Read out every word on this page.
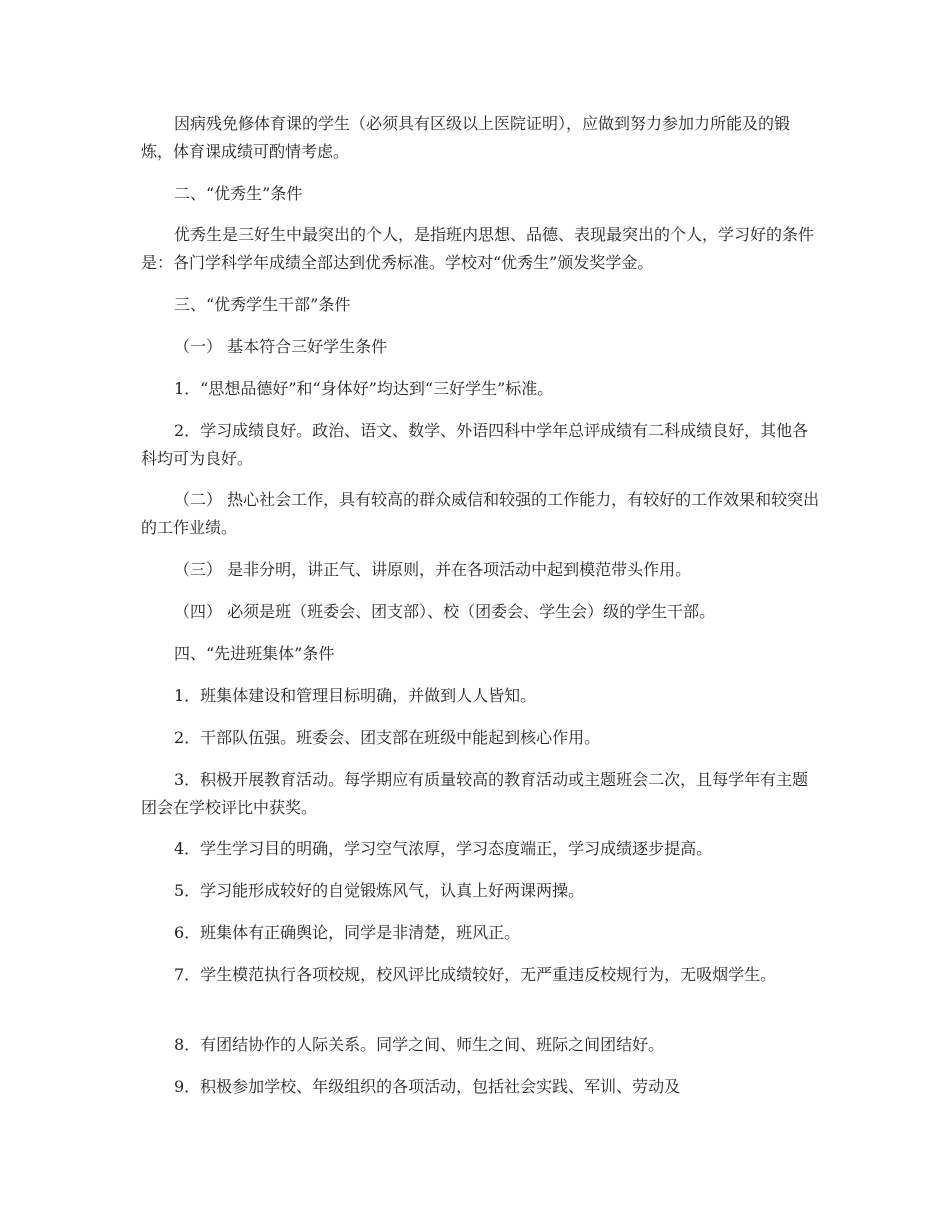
因病残免修体育课的学生（必须具有区级以上医院证明），应做到努力参加力所能及的锻炼，体育课成绩可酌情考虑。

二、“优秀生”条件

优秀生是三好生中最突出的个人，是指班内思想、品德、表现最突出的个人，学习好的条件是：各门学科学年成绩全部达到优秀标准。学校对“优秀生”颁发奖学金。

三、“优秀学生干部”条件

（一） 基本符合三好学生条件

1．“思想品德好”和“身体好”均达到“三好学生”标准。

2．学习成绩良好。政治、语文、数学、外语四科中学年总评成绩有二科成绩良好，其他各科均可为良好。

（二） 热心社会工作，具有较高的群众威信和较强的工作能力，有较好的工作效果和较突出的工作业绩。

（三） 是非分明，讲正气、讲原则，并在各项活动中起到模范带头作用。

（四） 必须是班（班委会、团支部）、校（团委会、学生会）级的学生干部。

四、“先进班集体”条件

1．班集体建设和管理目标明确，并做到人人皆知。

2．干部队伍强。班委会、团支部在班级中能起到核心作用。

3．积极开展教育活动。每学期应有质量较高的教育活动或主题班会二次，且每学年有主题团会在学校评比中获奖。

4．学生学习目的明确，学习空气浓厚，学习态度端正，学习成绩逐步提高。

5．学习能形成较好的自觉锻炼风气，认真上好两课两操。

6．班集体有正确舆论，同学是非清楚，班风正。

7．学生模范执行各项校规，校风评比成绩较好，无严重违反校规行为，无吸烟学生。

8．有团结协作的人际关系。同学之间、师生之间、班际之间团结好。

9．积极参加学校、年级组织的各项活动，包括社会实践、军训、劳动及
